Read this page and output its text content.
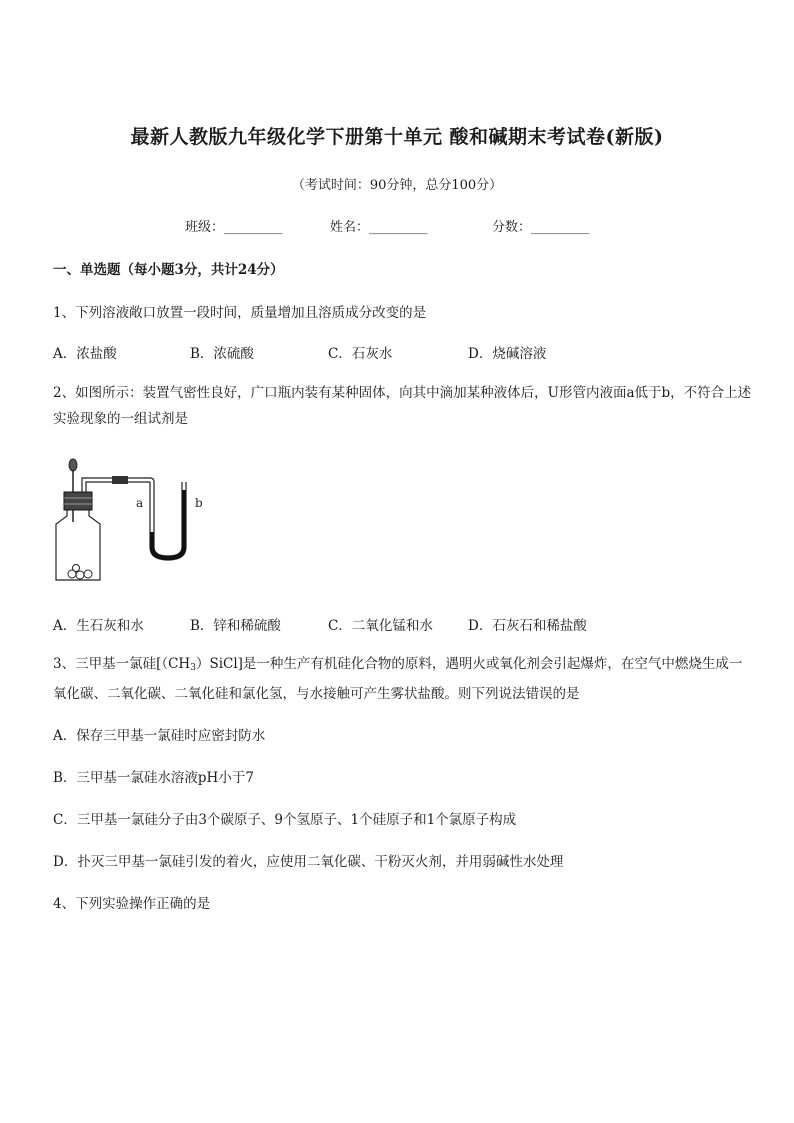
最新人教版九年级化学下册第十单元 酸和碱期末考试卷(新版)
（考试时间：90分钟，总分100分）
班级：_________	姓名：_________	分数：_________
一、单选题（每小题3分，共计24分）
1、下列溶液敞口放置一段时间，质量增加且溶质成分改变的是
A．浓盐酸	B．浓硫酸	C．石灰水	D．烧碱溶液
2、如图所示：装置气密性良好，广口瓶内装有某种固体，向其中滴加某种液体后，U形管内液面a低于b，不符合上述实验现象的一组试剂是
a	b
A．生石灰和水	B．锌和稀硫酸	C．二氧化锰和水	D．石灰石和稀盐酸
3、三甲基一氯硅$[(CH_3)SiCl]$是一种生产有机硅化合物的原料，遇明火或氧化剂会引起爆炸，在空气中燃烧生成一氧化碳、二氧化碳、二氧化硅和氯化氢，与水接触可产生雾状盐酸。则下列说法错误的是
A．保存三甲基一氯硅时应密封防水
B．三甲基一氯硅水溶液pH小于7
C．三甲基一氯硅分子由3个碳原子、9个氢原子、1个硅原子和1个氯原子构成
D．扑灭三甲基一氯硅引发的着火，应使用二氧化碳、干粉灭火剂，并用弱碱性水处理
4、下列实验操作正确的是
